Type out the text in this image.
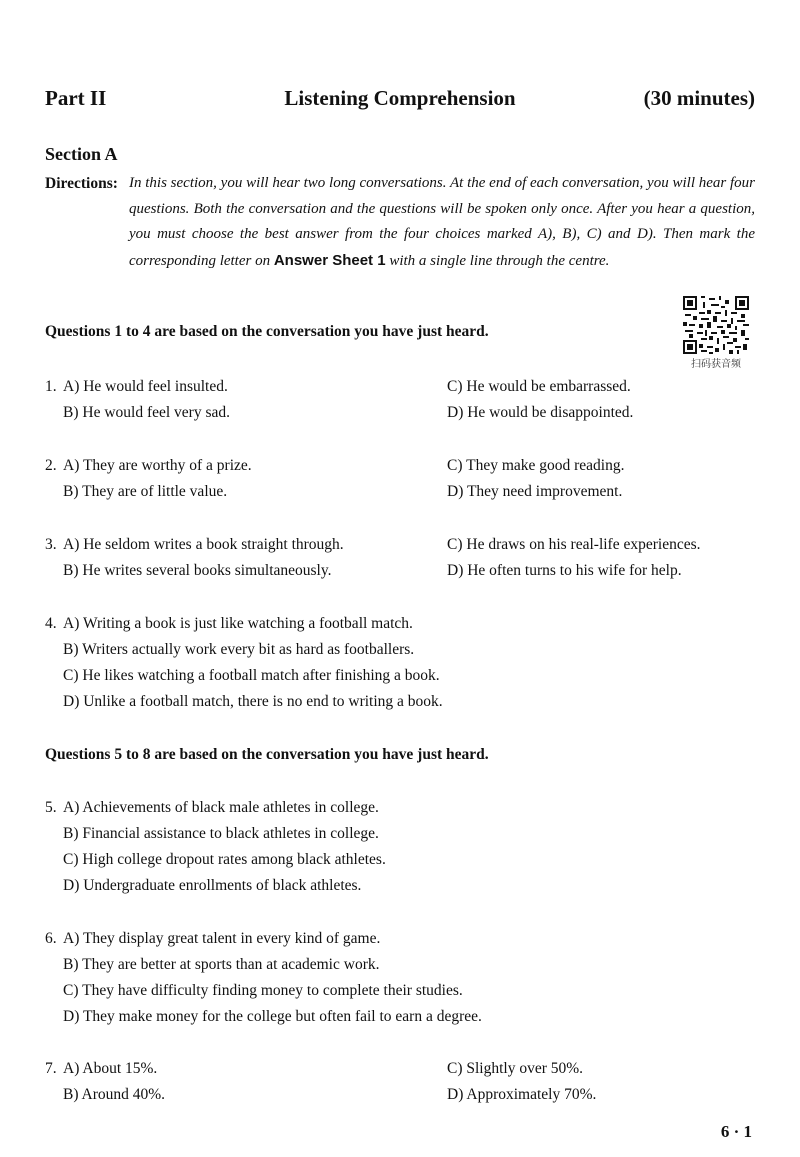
Part II	Listening Comprehension	(30 minutes)
Section A
Directions: In this section, you will hear two long conversations. At the end of each conversation, you will hear four questions. Both the conversation and the questions will be spoken only once. After you hear a question, you must choose the best answer from the four choices marked A), B), C) and D). Then mark the corresponding letter on Answer Sheet 1 with a single line through the centre.
扫码获音频
Questions 1 to 4 are based on the conversation you have just heard.
1. A) He would feel insulted.
B) He would feel very sad.
C) He would be embarrassed.
D) He would be disappointed.
2. A) They are worthy of a prize.
B) They are of little value.
C) They make good reading.
D) They need improvement.
3. A) He seldom writes a book straight through.
B) He writes several books simultaneously.
C) He draws on his real-life experiences.
D) He often turns to his wife for help.
4. A) Writing a book is just like watching a football match.
B) Writers actually work every bit as hard as footballers.
C) He likes watching a football match after finishing a book.
D) Unlike a football match, there is no end to writing a book.
Questions 5 to 8 are based on the conversation you have just heard.
5. A) Achievements of black male athletes in college.
B) Financial assistance to black athletes in college.
C) High college dropout rates among black athletes.
D) Undergraduate enrollments of black athletes.
6. A) They display great talent in every kind of game.
B) They are better at sports than at academic work.
C) They have difficulty finding money to complete their studies.
D) They make money for the college but often fail to earn a degree.
7. A) About 15%.
B) Around 40%.
C) Slightly over 50%.
D) Approximately 70%.
6 · 1
